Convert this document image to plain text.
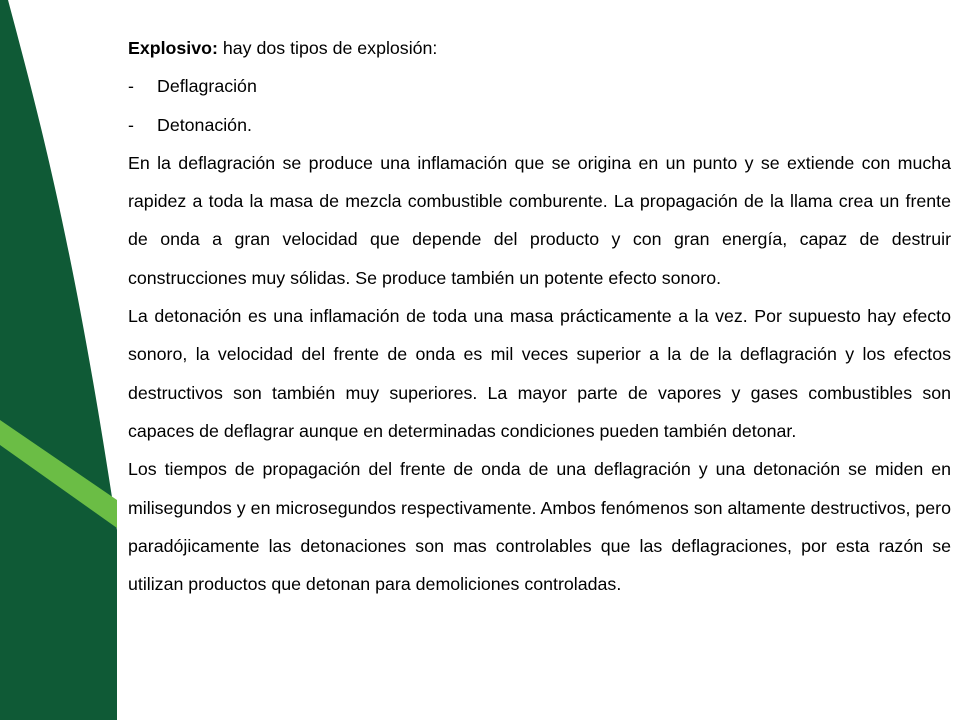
Explosivo: hay dos tipos de explosión:

-	Deflagración
-	Detonación.

En la deflagración se produce una inflamación que se origina en un punto y se extiende con mucha rapidez a toda la masa de mezcla combustible comburente. La propagación de la llama crea un frente de onda a gran velocidad que depende del producto y con gran energía, capaz de destruir construcciones muy sólidas. Se produce también un potente efecto sonoro.

La detonación es una inflamación de toda una masa prácticamente a la vez. Por supuesto hay efecto sonoro, la velocidad del frente de onda es mil veces superior a la de la deflagración y los efectos destructivos son también muy superiores. La mayor parte de vapores y gases combustibles son capaces de deflagrar aunque en determinadas condiciones pueden también detonar.

Los tiempos de propagación del frente de onda de una deflagración y una detonación se miden en milisegundos y en microsegundos respectivamente. Ambos fenómenos son altamente destructivos, pero paradójicamente las detonaciones son mas controlables que las deflagraciones, por esta razón se utilizan productos que detonan para demoliciones controladas.
